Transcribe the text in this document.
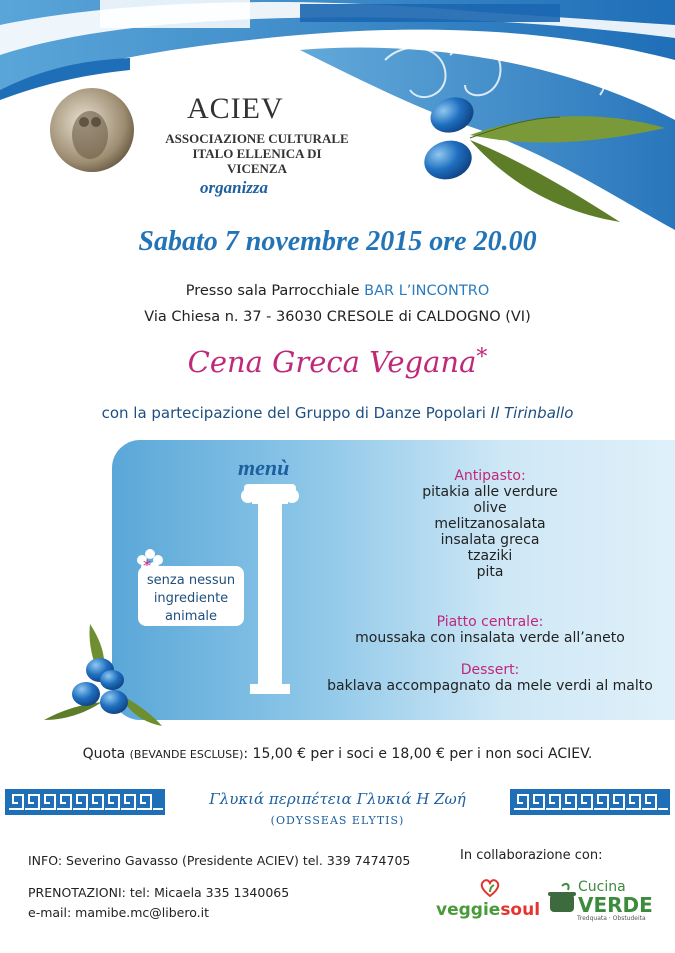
ACIEV
ASSOCIAZIONE CULTURALE
ITALO ELLENICA DI VICENZA
organizza
Sabato 7 novembre 2015 ore 20.00
Presso sala Parrocchiale BAR L’INCONTRO
Via Chiesa n. 37 - 36030 CRESOLE di CALDOGNO (VI)
Cena Greca Vegana*
con la partecipazione del Gruppo di Danze Popolari Il Tirinballo
menù
senza nessun
ingrediente
animale
Antipasto:
pitakia alle verdure
olive
melitzanosalata
insalata greca
tzaziki
pita
Piatto centrale:
moussaka con insalata verde all’aneto
Dessert:
baklava accompagnato da mele verdi al malto
Quota (BEVANDE ESCLUSE): 15,00 € per i soci e 18,00 € per i non soci ACIEV.
Γλυκιά περιπέτεια Γλυκιά Η Ζωή
(ODYSSEAS ELYTIS)
INFO: Severino Gavasso (Presidente ACIEV) tel. 339 7474705
PRENOTAZIONI: tel: Micaela 335 1340065
e-mail: mamibe.mc@libero.it
In collaborazione con:
veggiesoul
Cucina
VERDE
Tredquata · Obstudeita
